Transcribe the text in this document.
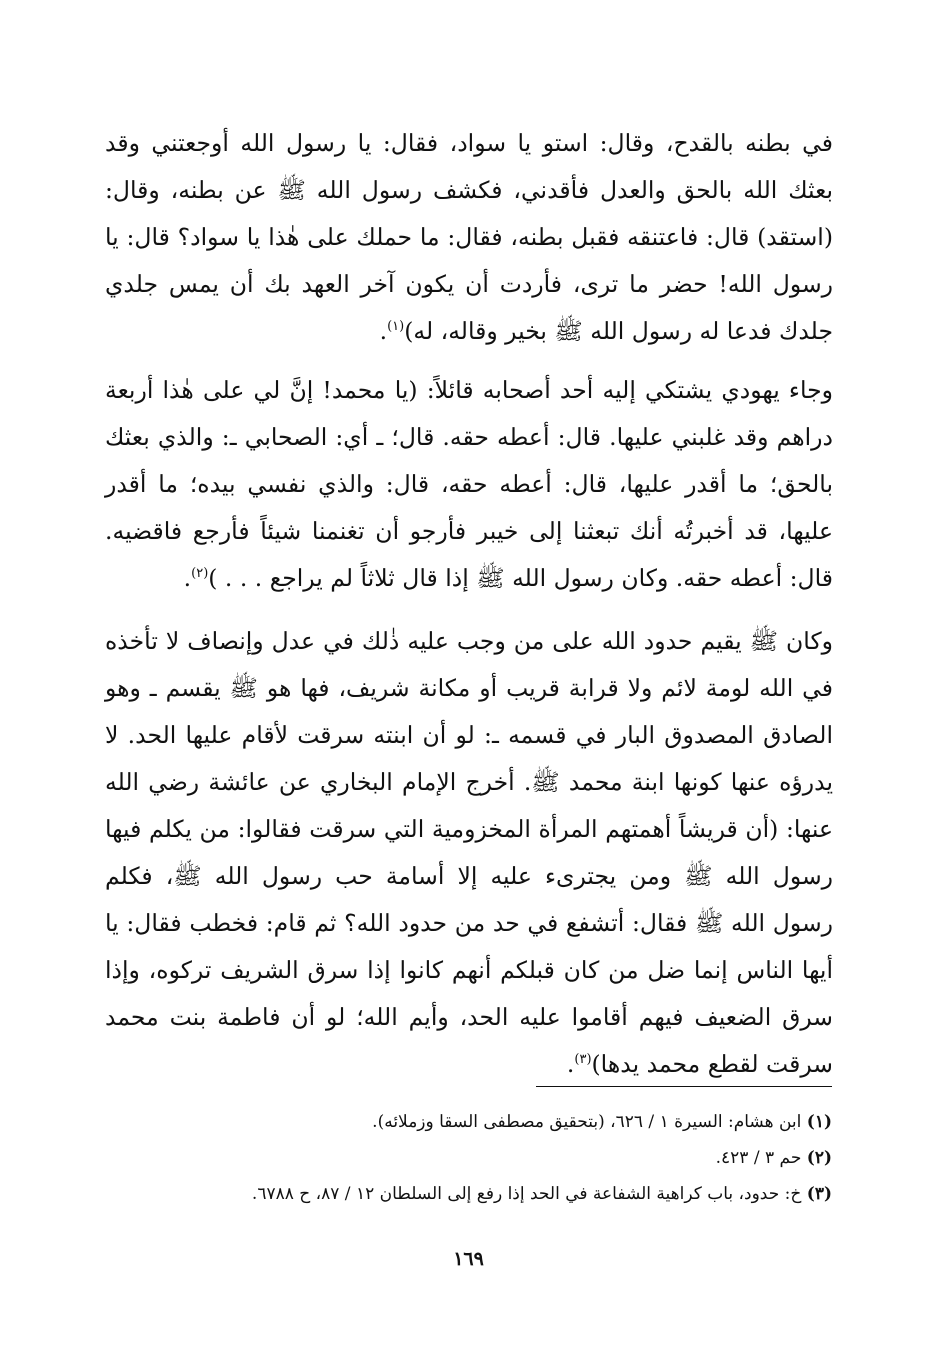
في بطنه بالقدح، وقال: استو يا سواد، فقال: يا رسول الله أوجعتني وقد بعثك الله بالحق والعدل فأقدني، فكشف رسول الله ﷺ عن بطنه، وقال: (استقد) قال: فاعتنقه فقبل بطنه، فقال: ما حملك على هٰذا يا سواد؟ قال: يا رسول الله! حضر ما ترى، فأردت أن يكون آخر العهد بك أن يمس جلدي جلدك فدعا له رسول الله ﷺ بخير وقاله، له)$^{(١)}$.

وجاء يهودي يشتكي إليه أحد أصحابه قائلاً: (يا محمد! إنَّ لي على هٰذا أربعة دراهم وقد غلبني عليها. قال: أعطه حقه. قال؛ ـ أي: الصحابي ـ: والذي بعثك بالحق؛ ما أقدر عليها، قال: أعطه حقه، قال: والذي نفسي بيده؛ ما أقدر عليها، قد أخبرتُه أنك تبعثنا إلى خيبر فأرجو أن تغنمنا شيئاً فأرجع فاقضيه. قال: أعطه حقه. وكان رسول الله ﷺ إذا قال ثلاثاً لم يراجع . . . )$^{(٢)}$.

وكان ﷺ يقيم حدود الله على من وجب عليه ذٰلك في عدل وإنصاف لا تأخذه في الله لومة لائم ولا قرابة قريب أو مكانة شريف، فها هو ﷺ يقسم ـ وهو الصادق المصدوق البار في قسمه ـ: لو أن ابنته سرقت لأقام عليها الحد. لا يدرؤه عنها كونها ابنة محمد ﷺ. أخرج الإمام البخاري عن عائشة رضي الله عنها: (أن قريشاً أهمتهم المرأة المخزومية التي سرقت فقالوا: من يكلم فيها رسول الله ﷺ ومن يجترىء عليه إلا أسامة حب رسول الله ﷺ، فكلم رسول الله ﷺ فقال: أتشفع في حد من حدود الله؟ ثم قام: فخطب فقال: يا أيها الناس إنما ضل من كان قبلكم أنهم كانوا إذا سرق الشريف تركوه، وإذا سرق الضعيف فيهم أقاموا عليه الحد، وأيم الله؛ لو أن فاطمة بنت محمد سرقت لقطع محمد يدها)$^{(٣)}$.

(١) ابن هشام: السيرة ١ / ٦٢٦، (بتحقيق مصطفى السقا وزملائه).

(٢) حم ٣ / ٤٢٣.

(٣) خ: حدود، باب كراهية الشفاعة في الحد إذا رفع إلى السلطان ١٢ / ٨٧، ح ٦٧٨٨.

١٦٩
